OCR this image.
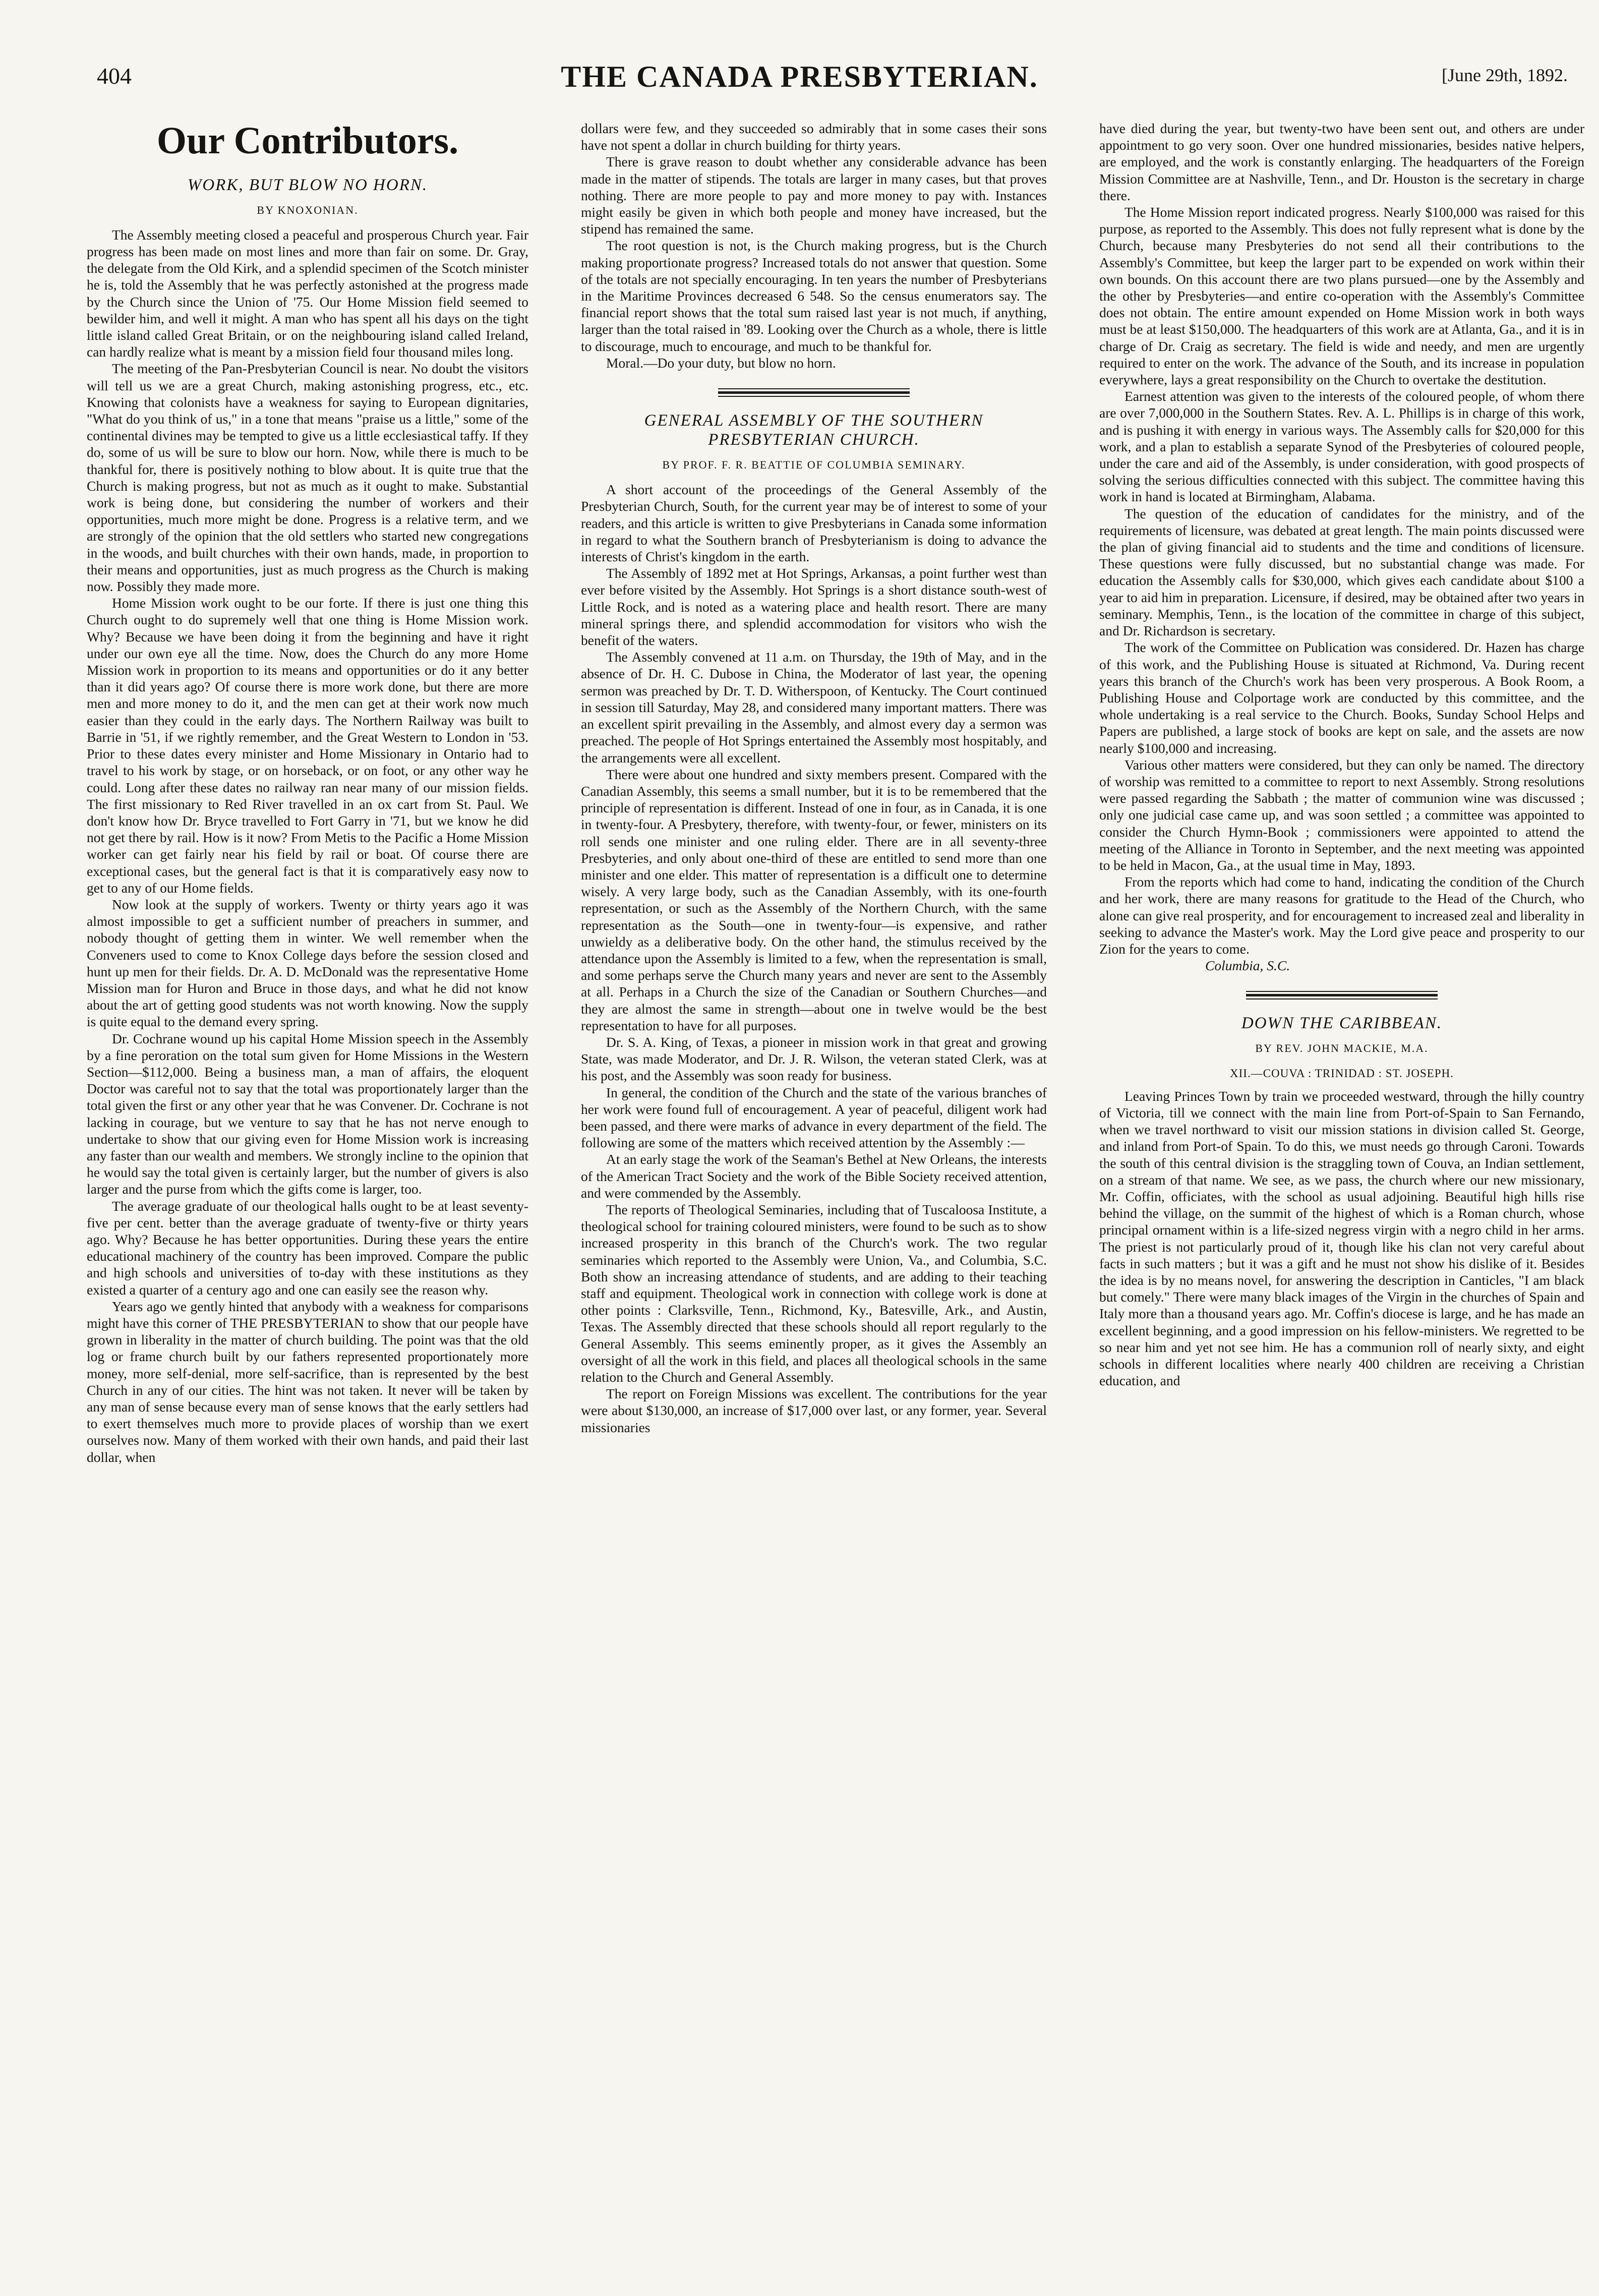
404	THE CANADA PRESBYTERIAN.	[June 29th, 1892.
Our Contributors.
WORK, BUT BLOW NO HORN.
BY KNOXONIAN.

The Assembly meeting closed a peaceful and prosperous Church year. Fair progress has been made on most lines and more than fair on some. Dr. Gray, the delegate from the Old Kirk, and a splendid specimen of the Scotch minister he is, told the Assembly that he was perfectly astonished at the progress made by the Church since the Union of '75. Our Home Mission field seemed to bewilder him, and well it might. A man who has spent all his days on the tight little island called Great Britain, or on the neighbouring island called Ireland, can hardly realize what is meant by a mission field four thousand miles long.

The meeting of the Pan-Presbyterian Council is near. No doubt the visitors will tell us we are a great Church, making astonishing progress, etc., etc. Knowing that colonists have a weakness for saying to European dignitaries, "What do you think of us," in a tone that means "praise us a little," some of the continental divines may be tempted to give us a little ecclesiastical taffy. If they do, some of us will be sure to blow our horn. Now, while there is much to be thankful for, there is positively nothing to blow about. It is quite true that the Church is making progress, but not as much as it ought to make. Substantial work is being done, but considering the number of workers and their opportunities, much more might be done. Progress is a relative term, and we are strongly of the opinion that the old settlers who started new congregations in the woods, and built churches with their own hands, made, in proportion to their means and opportunities, just as much progress as the Church is making now. Possibly they made more.

Home Mission work ought to be our forte. If there is just one thing this Church ought to do supremely well that one thing is Home Mission work. Why? Because we have been doing it from the beginning and have it right under our own eye all the time. Now, does the Church do any more Home Mission work in proportion to its means and opportunities or do it any better than it did years ago? Of course there is more work done, but there are more men and more money to do it, and the men can get at their work now much easier than they could in the early days. The Northern Railway was built to Barrie in '51, if we rightly remember, and the Great Western to London in '53. Prior to these dates every minister and Home Missionary in Ontario had to travel to his work by stage, or on horseback, or on foot, or any other way he could. Long after these dates no railway ran near many of our mission fields. The first missionary to Red River travelled in an ox cart from St. Paul. We don't know how Dr. Bryce travelled to Fort Garry in '71, but we know he did not get there by rail. How is it now? From Metis to the Pacific a Home Mission worker can get fairly near his field by rail or boat. Of course there are exceptional cases, but the general fact is that it is comparatively easy now to get to any of our Home fields.

Now look at the supply of workers. Twenty or thirty years ago it was almost impossible to get a sufficient number of preachers in summer, and nobody thought of getting them in winter. We well remember when the Conveners used to come to Knox College days before the session closed and hunt up men for their fields. Dr. A. D. McDonald was the representative Home Mission man for Huron and Bruce in those days, and what he did not know about the art of getting good students was not worth knowing. Now the supply is quite equal to the demand every spring.

Dr. Cochrane wound up his capital Home Mission speech in the Assembly by a fine peroration on the total sum given for Home Missions in the Western Section—$112,000. Being a business man, a man of affairs, the eloquent Doctor was careful not to say that the total was proportionately larger than the total given the first or any other year that he was Convener. Dr. Cochrane is not lacking in courage, but we venture to say that he has not nerve enough to undertake to show that our giving even for Home Mission work is increasing any faster than our wealth and members. We strongly incline to the opinion that he would say the total given is certainly larger, but the number of givers is also larger and the purse from which the gifts come is larger, too.

The average graduate of our theological halls ought to be at least seventy-five per cent. better than the average graduate of twenty-five or thirty years ago. Why? Because he has better opportunities. During these years the entire educational machinery of the country has been improved. Compare the public and high schools and universities of to-day with these institutions as they existed a quarter of a century ago and one can easily see the reason why.

Years ago we gently hinted that anybody with a weakness for comparisons might have this corner of THE PRESBYTERIAN to show that our people have grown in liberality in the matter of church building. The point was that the old log or frame church built by our fathers represented proportionately more money, more self-denial, more self-sacrifice, than is represented by the best Church in any of our cities. The hint was not taken. It never will be taken by any man of sense because every man of sense knows that the early settlers had to exert themselves much more to provide places of worship than we exert ourselves now. Many of them worked with their own hands, and paid their last dollar, when

dollars were few, and they succeeded so admirably that in some cases their sons have not spent a dollar in church building for thirty years.

There is grave reason to doubt whether any considerable advance has been made in the matter of stipends. The totals are larger in many cases, but that proves nothing. There are more people to pay and more money to pay with. Instances might easily be given in which both people and money have increased, but the stipend has remained the same.

The root question is not, is the Church making progress, but is the Church making proportionate progress? Increased totals do not answer that question. Some of the totals are not specially encouraging. In ten years the number of Presbyterians in the Maritime Provinces decreased 6 548. So the census enumerators say. The financial report shows that the total sum raised last year is not much, if anything, larger than the total raised in '89. Looking over the Church as a whole, there is little to discourage, much to encourage, and much to be thankful for.

Moral.—Do your duty, but blow no horn.

GENERAL ASSEMBLY OF THE SOUTHERN PRESBYTERIAN CHURCH.
BY PROF. F. R. BEATTIE OF COLUMBIA SEMINARY.

A short account of the proceedings of the General Assembly of the Presbyterian Church, South, for the current year may be of interest to some of your readers, and this article is written to give Presbyterians in Canada some information in regard to what the Southern branch of Presbyterianism is doing to advance the interests of Christ's kingdom in the earth.

The Assembly of 1892 met at Hot Springs, Arkansas, a point further west than ever before visited by the Assembly. Hot Springs is a short distance south-west of Little Rock, and is noted as a watering place and health resort. There are many mineral springs there, and splendid accommodation for visitors who wish the benefit of the waters.

The Assembly convened at 11 a.m. on Thursday, the 19th of May, and in the absence of Dr. H. C. Dubose in China, the Moderator of last year, the opening sermon was preached by Dr. T. D. Witherspoon, of Kentucky. The Court continued in session till Saturday, May 28, and considered many important matters. There was an excellent spirit prevailing in the Assembly, and almost every day a sermon was preached. The people of Hot Springs entertained the Assembly most hospitably, and the arrangements were all excellent.

There were about one hundred and sixty members present. Compared with the Canadian Assembly, this seems a small number, but it is to be remembered that the principle of representation is different. Instead of one in four, as in Canada, it is one in twenty-four. A Presbytery, therefore, with twenty-four, or fewer, ministers on its roll sends one minister and one ruling elder. There are in all seventy-three Presbyteries, and only about one-third of these are entitled to send more than one minister and one elder. This matter of representation is a difficult one to determine wisely. A very large body, such as the Canadian Assembly, with its one-fourth representation, or such as the Assembly of the Northern Church, with the same representation as the South—one in twenty-four—is expensive, and rather unwieldy as a deliberative body. On the other hand, the stimulus received by the attendance upon the Assembly is limited to a few, when the representation is small, and some perhaps serve the Church many years and never are sent to the Assembly at all. Perhaps in a Church the size of the Canadian or Southern Churches—and they are almost the same in strength—about one in twelve would be the best representation to have for all purposes.

Dr. S. A. King, of Texas, a pioneer in mission work in that great and growing State, was made Moderator, and Dr. J. R. Wilson, the veteran stated Clerk, was at his post, and the Assembly was soon ready for business.

In general, the condition of the Church and the state of the various branches of her work were found full of encouragement. A year of peaceful, diligent work had been passed, and there were marks of advance in every department of the field. The following are some of the matters which received attention by the Assembly :—

At an early stage the work of the Seaman's Bethel at New Orleans, the interests of the American Tract Society and the work of the Bible Society received attention, and were commended by the Assembly.

The reports of Theological Seminaries, including that of Tuscaloosa Institute, a theological school for training coloured ministers, were found to be such as to show increased prosperity in this branch of the Church's work. The two regular seminaries which reported to the Assembly were Union, Va., and Columbia, S.C. Both show an increasing attendance of students, and are adding to their teaching staff and equipment. Theological work in connection with college work is done at other points : Clarksville, Tenn., Richmond, Ky., Batesville, Ark., and Austin, Texas. The Assembly directed that these schools should all report regularly to the General Assembly. This seems eminently proper, as it gives the Assembly an oversight of all the work in this field, and places all theological schools in the same relation to the Church and General Assembly.

The report on Foreign Missions was excellent. The contributions for the year were about $130,000, an increase of $17,000 over last, or any former, year. Several missionaries

have died during the year, but twenty-two have been sent out, and others are under appointment to go very soon. Over one hundred missionaries, besides native helpers, are employed, and the work is constantly enlarging. The headquarters of the Foreign Mission Committee are at Nashville, Tenn., and Dr. Houston is the secretary in charge there.

The Home Mission report indicated progress. Nearly $100,000 was raised for this purpose, as reported to the Assembly. This does not fully represent what is done by the Church, because many Presbyteries do not send all their contributions to the Assembly's Committee, but keep the larger part to be expended on work within their own bounds. On this account there are two plans pursued—one by the Assembly and the other by Presbyteries—and entire co-operation with the Assembly's Committee does not obtain. The entire amount expended on Home Mission work in both ways must be at least $150,000. The headquarters of this work are at Atlanta, Ga., and it is in charge of Dr. Craig as secretary. The field is wide and needy, and men are urgently required to enter on the work. The advance of the South, and its increase in population everywhere, lays a great responsibility on the Church to overtake the destitution.

Earnest attention was given to the interests of the coloured people, of whom there are over 7,000,000 in the Southern States. Rev. A. L. Phillips is in charge of this work, and is pushing it with energy in various ways. The Assembly calls for $20,000 for this work, and a plan to establish a separate Synod of the Presbyteries of coloured people, under the care and aid of the Assembly, is under consideration, with good prospects of solving the serious difficulties connected with this subject. The committee having this work in hand is located at Birmingham, Alabama.

The question of the education of candidates for the ministry, and of the requirements of licensure, was debated at great length. The main points discussed were the plan of giving financial aid to students and the time and conditions of licensure. These questions were fully discussed, but no substantial change was made. For education the Assembly calls for $30,000, which gives each candidate about $100 a year to aid him in preparation. Licensure, if desired, may be obtained after two years in seminary. Memphis, Tenn., is the location of the committee in charge of this subject, and Dr. Richardson is secretary.

The work of the Committee on Publication was considered. Dr. Hazen has charge of this work, and the Publishing House is situated at Richmond, Va. During recent years this branch of the Church's work has been very prosperous. A Book Room, a Publishing House and Colportage work are conducted by this committee, and the whole undertaking is a real service to the Church. Books, Sunday School Helps and Papers are published, a large stock of books are kept on sale, and the assets are now nearly $100,000 and increasing.

Various other matters were considered, but they can only be named. The directory of worship was remitted to a committee to report to next Assembly. Strong resolutions were passed regarding the Sabbath ; the matter of communion wine was discussed ; only one judicial case came up, and was soon settled ; a committee was appointed to consider the Church Hymn-Book ; commissioners were appointed to attend the meeting of the Alliance in Toronto in September, and the next meeting was appointed to be held in Macon, Ga., at the usual time in May, 1893.

From the reports which had come to hand, indicating the condition of the Church and her work, there are many reasons for gratitude to the Head of the Church, who alone can give real prosperity, and for encouragement to increased zeal and liberality in seeking to advance the Master's work. May the Lord give peace and prosperity to our Zion for the years to come.

Columbia, S.C.

DOWN THE CARIBBEAN.
BY REV. JOHN MACKIE, M.A.
XII.—COUVA : TRINIDAD : ST. JOSEPH.

Leaving Princes Town by train we proceeded westward, through the hilly country of Victoria, till we connect with the main line from Port-of-Spain to San Fernando, when we travel northward to visit our mission stations in division called St. George, and inland from Port-of Spain. To do this, we must needs go through Caroni. Towards the south of this central division is the straggling town of Couva, an Indian settlement, on a stream of that name. We see, as we pass, the church where our new missionary, Mr. Coffin, officiates, with the school as usual adjoining. Beautiful high hills rise behind the village, on the summit of the highest of which is a Roman church, whose principal ornament within is a life-sized negress virgin with a negro child in her arms. The priest is not particularly proud of it, though like his clan not very careful about facts in such matters ; but it was a gift and he must not show his dislike of it. Besides the idea is by no means novel, for answering the description in Canticles, "I am black but comely." There were many black images of the Virgin in the churches of Spain and Italy more than a thousand years ago. Mr. Coffin's diocese is large, and he has made an excellent beginning, and a good impression on his fellow-ministers. We regretted to be so near him and yet not see him. He has a communion roll of nearly sixty, and eight schools in different localities where nearly 400 children are receiving a Christian education, and
